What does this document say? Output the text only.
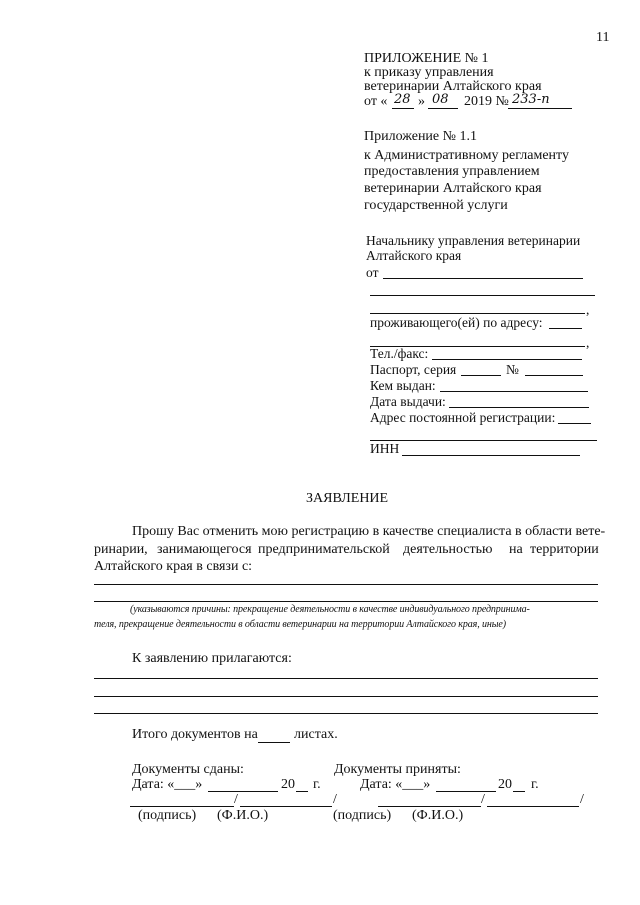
11
ПРИЛОЖЕНИЕ № 1
к приказу управления
ветеринарии Алтайского края
от « 28 » 08 2019 № 233-п
Приложение № 1.1
к Административному регламенту
предоставления управлением
ветеринарии Алтайского края
государственной услуги
Начальнику управления ветеринарии
Алтайского края
от
,
проживающего(ей) по адресу:
,
Тел./факс:
Паспорт, серия	№
Кем выдан:
Дата выдачи:
Адрес постоянной регистрации:
ИНН
ЗАЯВЛЕНИЕ
Прошу Вас отменить мою регистрацию в качестве специалиста в области вете-
ринарии, занимающегося предпринимательской деятельностью на территории
Алтайского края в связи с:
(указываются причины: прекращение деятельности в качестве индивидуального предпринима-
теля, прекращение деятельности в области ветеринарии на территории Алтайского края, иные)
К заявлению прилагаются:
Итого документов на	листах.
Документы сданы:	Документы приняты:
Дата: «___»	20 г.	Дата: «___»	20 г.
/	/	/	/
(подпись) (Ф.И.О.)	(подпись) (Ф.И.О.)
